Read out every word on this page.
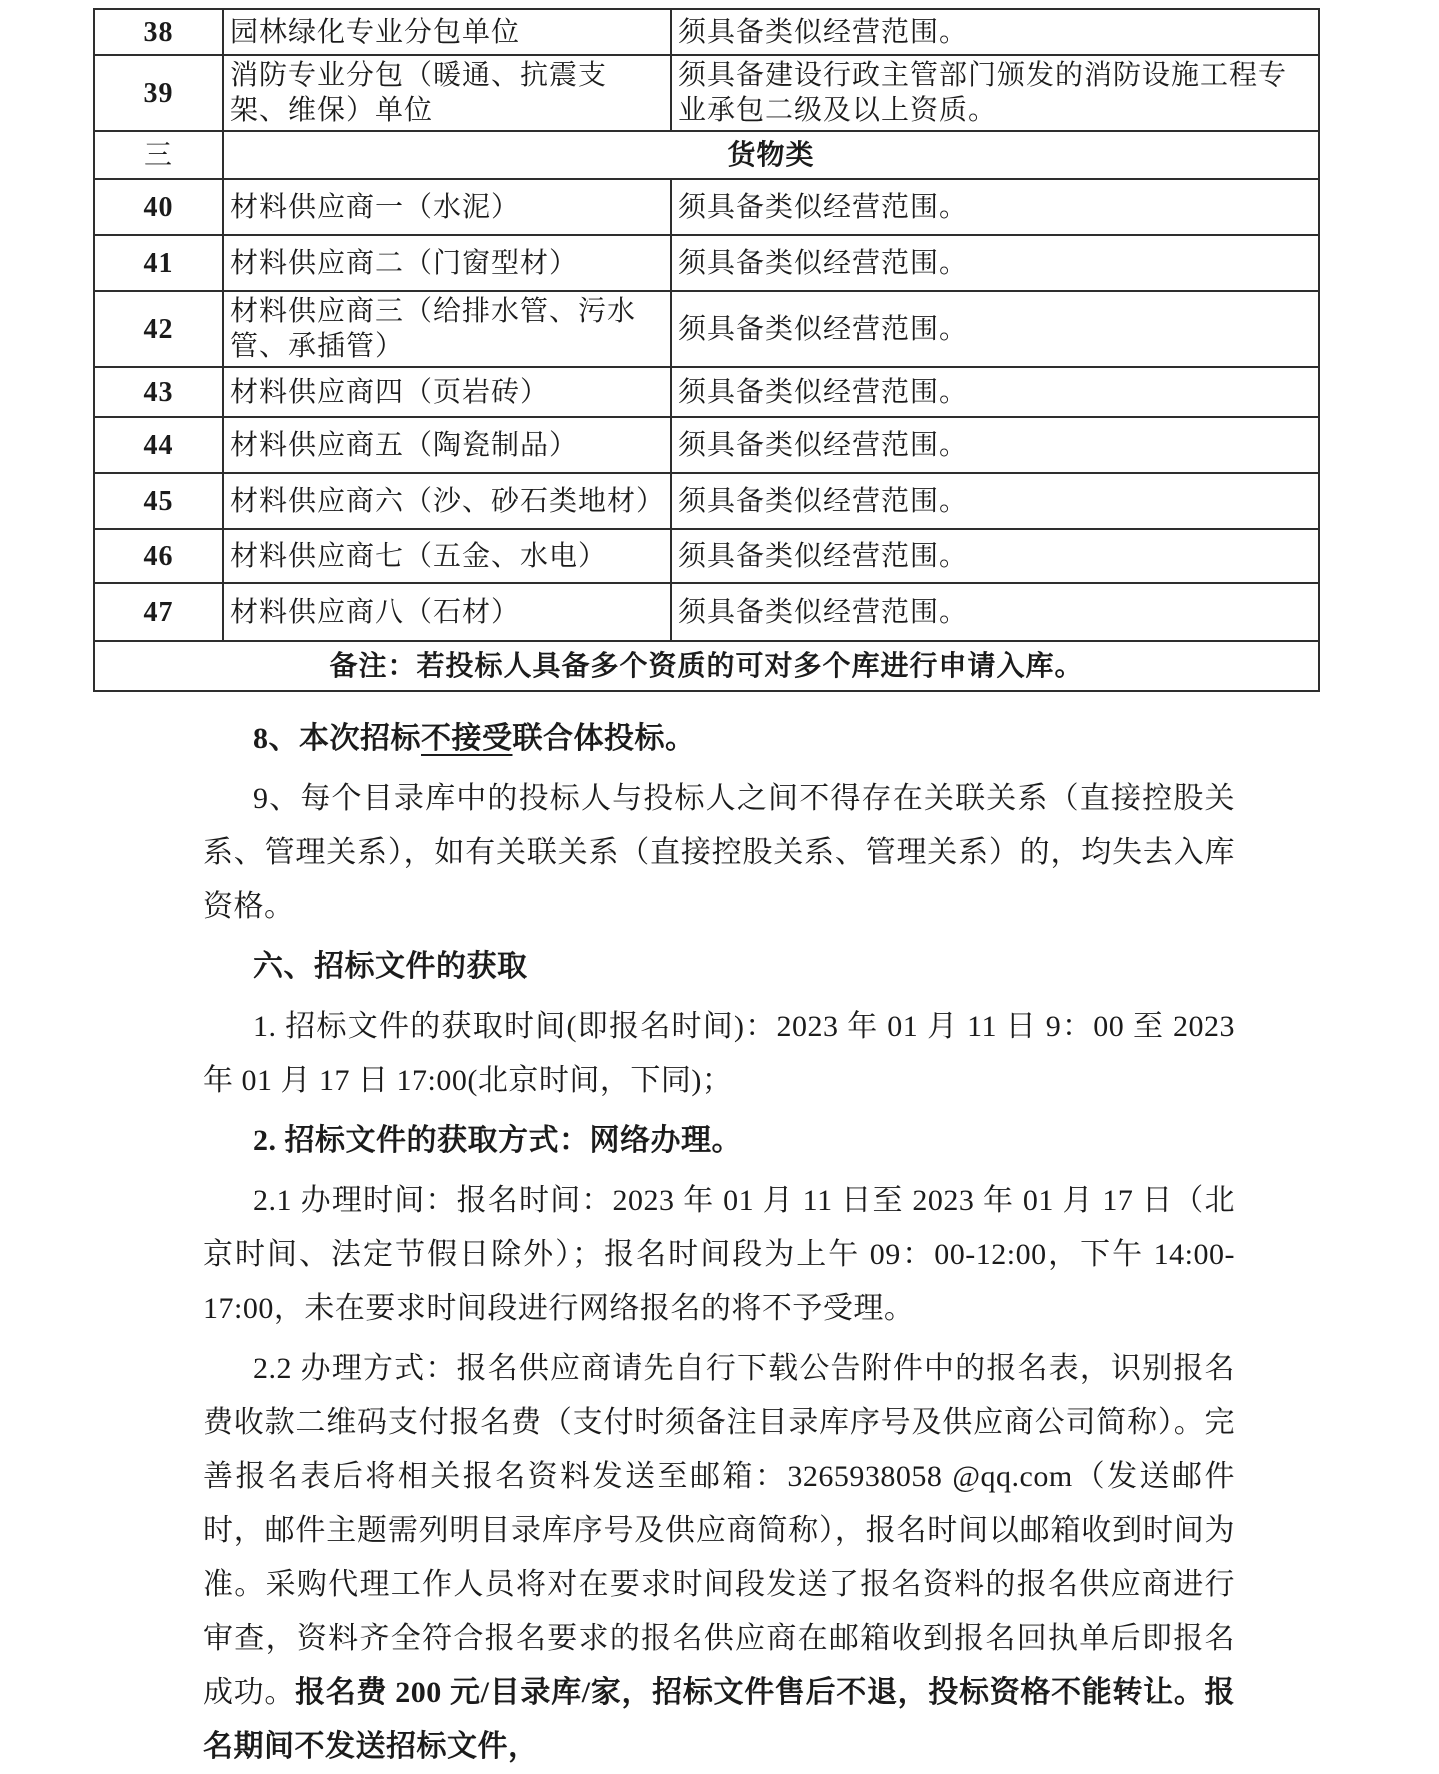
38	园林绿化专业分包单位	须具备类似经营范围。
39	消防专业分包（暖通、抗震支架、维保）单位	须具备建设行政主管部门颁发的消防设施工程专业承包二级及以上资质。
三	货物类	
40	材料供应商一（水泥）	须具备类似经营范围。
41	材料供应商二（门窗型材）	须具备类似经营范围。
42	材料供应商三（给排水管、污水管、承插管）	须具备类似经营范围。
43	材料供应商四（页岩砖）	须具备类似经营范围。
44	材料供应商五（陶瓷制品）	须具备类似经营范围。
45	材料供应商六（沙、砂石类地材）	须具备类似经营范围。
46	材料供应商七（五金、水电）	须具备类似经营范围。
47	材料供应商八（石材）	须具备类似经营范围。
备注：若投标人具备多个资质的可对多个库进行申请入库。		

8、本次招标不接受联合体投标。

9、每个目录库中的投标人与投标人之间不得存在关联关系（直接控股关系、管理关系），如有关联关系（直接控股关系、管理关系）的，均失去入库资格。

六、招标文件的获取

1. 招标文件的获取时间(即报名时间)：2023 年 01 月 11 日 9：00 至 2023 年 01 月 17 日 17:00(北京时间，下同)；

2. 招标文件的获取方式：网络办理。

2.1 办理时间：报名时间：2023 年 01 月 11 日至 2023 年 01 月 17 日（北京时间、法定节假日除外）；报名时间段为上午 09：00-12:00，下午 14:00-17:00，未在要求时间段进行网络报名的将不予受理。

2.2 办理方式：报名供应商请先自行下载公告附件中的报名表，识别报名费收款二维码支付报名费（支付时须备注目录库序号及供应商公司简称）。完善报名表后将相关报名资料发送至邮箱：3265938058 @qq.com（发送邮件时，邮件主题需列明目录库序号及供应商简称），报名时间以邮箱收到时间为准。采购代理工作人员将对在要求时间段发送了报名资料的报名供应商进行审查，资料齐全符合报名要求的报名供应商在邮箱收到报名回执单后即报名成功。报名费 200 元/目录库/家，招标文件售后不退，投标资格不能转让。报名期间不发送招标文件，
